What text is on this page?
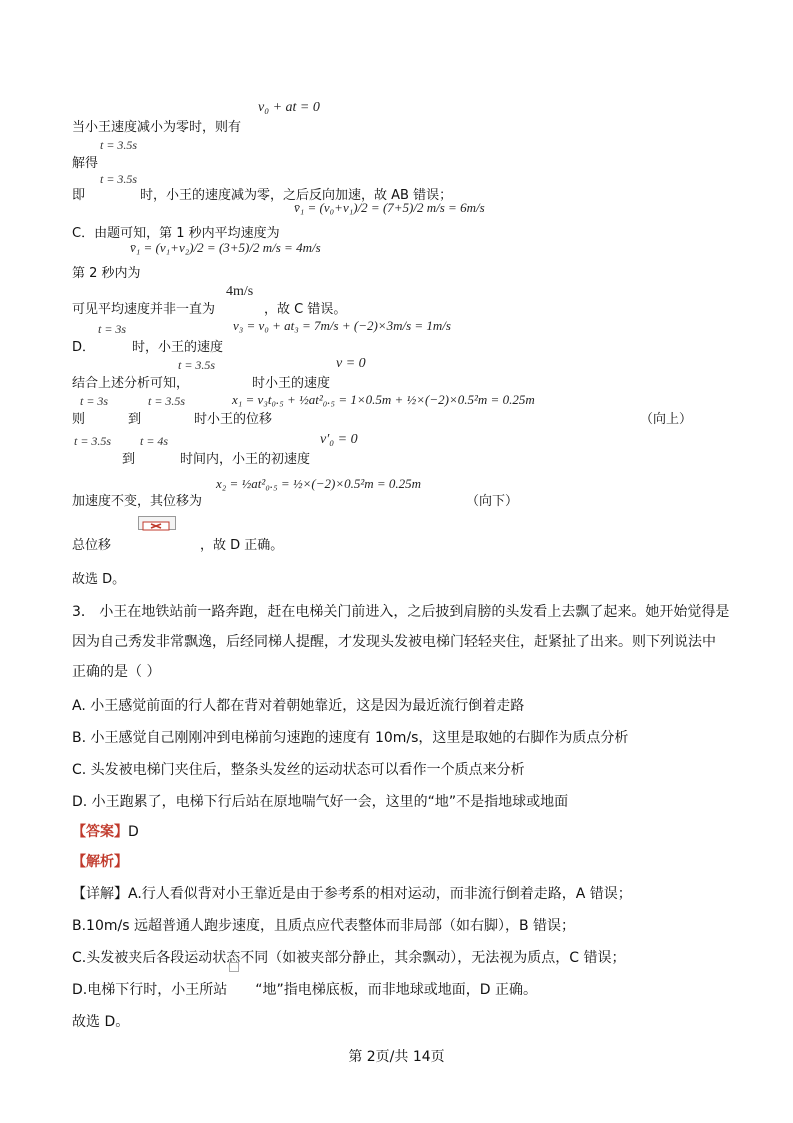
v₀ + at = 0
当小王速度减小为零时，则有
t = 3.5s
解得
t = 3.5s
即	时，小王的速度减为零，之后反向加速，故 AB 错误；
v̄₁ = (v₀+v₁)/2 = (7+5)/2 m/s = 6m/s
C．由题可知，第 1 秒内平均速度为
v̄₁ = (v₁+v₂)/2 = (3+5)/2 m/s = 4m/s
第 2 秒内为
4m/s
可见平均速度并非一直为	，故 C 错误。
t = 3s	v₃ = v₀ + at₃ = 7m/s + (−2)×3m/s = 1m/s
D．	时，小王的速度
t = 3.5s	v = 0
结合上述分析可知，	时小王的速度
t = 3s	t = 3.5s	x₁ = v₃t₀.₅ + ½at²₀.₅ = 1×0.5m + ½×(−2)×0.5²m = 0.25m
则	到	时小王的位移	（向上）
t = 3.5s t = 4s	v′₀ = 0
到	时间内，小王的初速度
x₂ = ½at²₀.₅ = ½×(−2)×0.5²m = 0.25m
加速度不变，其位移为	（向下）
总位移	，故 D 正确。
故选 D。
3． 小王在地铁站前一路奔跑，赶在电梯关门前进入，之后披到肩膀的头发看上去飘了起来。她开始觉得是
因为自己秀发非常飘逸，后经同梯人提醒，才发现头发被电梯门轻轻夹住，赶紧扯了出来。则下列说法中
正确的是（ ）
A. 小王感觉前面的行人都在背对着朝她靠近，这是因为最近流行倒着走路
B. 小王感觉自己刚刚冲到电梯前匀速跑的速度有 10m/s，这里是取她的右脚作为质点分析
C. 头发被电梯门夹住后，整条头发丝的运动状态可以看作一个质点来分析
D. 小王跑累了，电梯下行后站在原地喘气好一会，这里的“地”不是指地球或地面
【答案】D
【解析】
【详解】A.行人看似背对小王靠近是由于参考系的相对运动，而非流行倒着走路，A 错误；
B.10m/s 远超普通人跑步速度，且质点应代表整体而非局部（如右脚），B 错误；
C.头发被夹后各段运动状态不同（如被夹部分静止，其余飘动），无法视为质点，C 错误；
D.电梯下行时，小王所站 “地”指电梯底板，而非地球或地面，D 正确。
故选 D。
第 2页/共 14页
